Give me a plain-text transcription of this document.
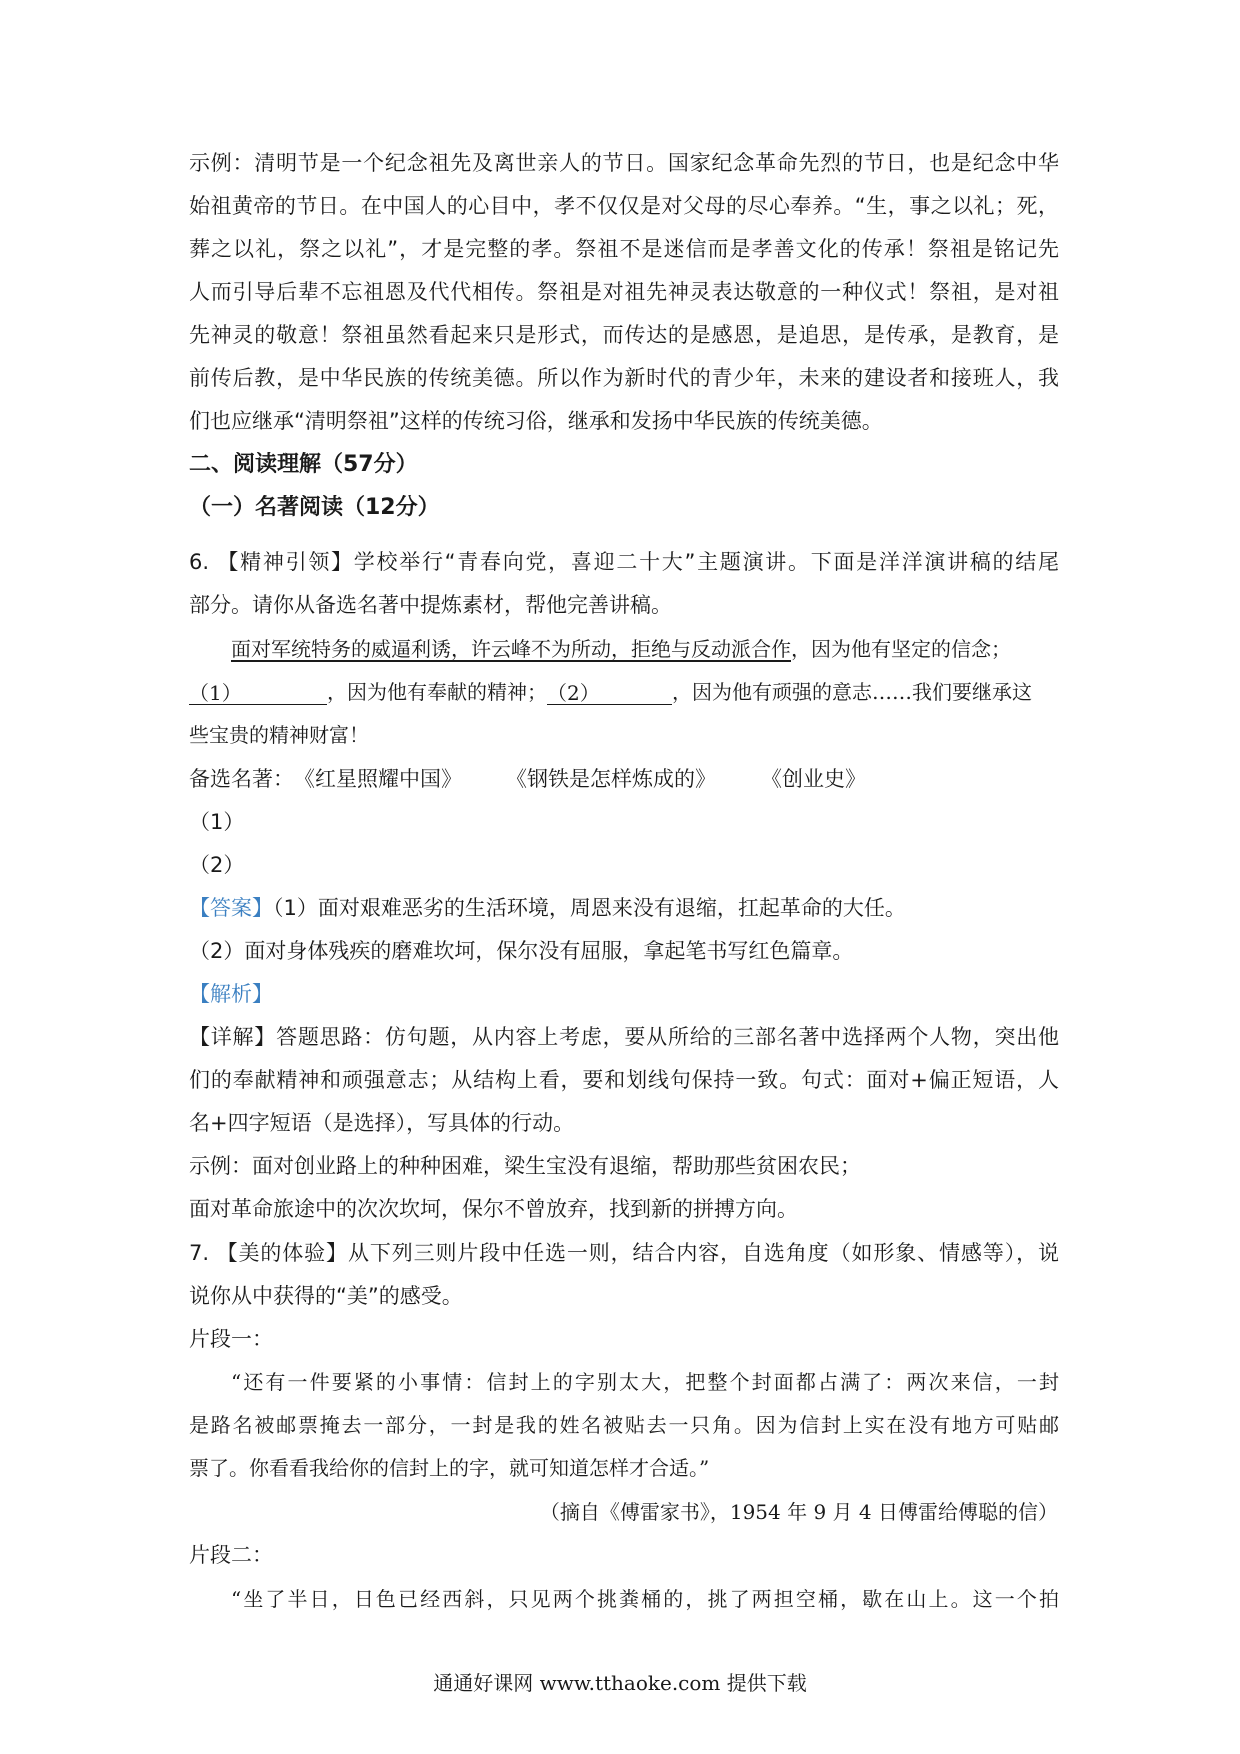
示例：清明节是一个纪念祖先及离世亲人的节日。国家纪念革命先烈的节日，也是纪念中华
始祖黄帝的节日。在中国人的心目中，孝不仅仅是对父母的尽心奉养。“生，事之以礼；死，
葬之以礼，祭之以礼”，才是完整的孝。祭祖不是迷信而是孝善文化的传承！祭祖是铭记先
人而引导后辈不忘祖恩及代代相传。祭祖是对祖先神灵表达敬意的一种仪式！祭祖，是对祖
先神灵的敬意！祭祖虽然看起来只是形式，而传达的是感恩，是追思，是传承，是教育，是
前传后教，是中华民族的传统美德。所以作为新时代的青少年，未来的建设者和接班人，我
们也应继承“清明祭祖”这样的传统习俗，继承和发扬中华民族的传统美德。
二、阅读理解（57分）
（一）名著阅读（12分）
6. 【精神引领】学校举行“青春向党，喜迎二十大”主题演讲。下面是洋洋演讲稿的结尾
部分。请你从备选名著中提炼素材，帮他完善讲稿。
面对军统特务的威逼利诱，许云峰不为所动，拒绝与反动派合作，因为他有坚定的信念；
（1）	，因为他有奉献的精神；（2）	，因为他有顽强的意志……我们要继承这
些宝贵的精神财富！
备选名著：《红星照耀中国》 《钢铁是怎样炼成的》 《创业史》
（1）
（2）
【答案】（1）面对艰难恶劣的生活环境，周恩来没有退缩，扛起革命的大任。
（2）面对身体残疾的磨难坎坷，保尔没有屈服，拿起笔书写红色篇章。
【解析】
【详解】答题思路：仿句题，从内容上考虑，要从所给的三部名著中选择两个人物，突出他
们的奉献精神和顽强意志；从结构上看，要和划线句保持一致。句式：面对+偏正短语，人
名+四字短语（是选择），写具体的行动。
示例：面对创业路上的种种困难，梁生宝没有退缩，帮助那些贫困农民；
面对革命旅途中的次次坎坷，保尔不曾放弃，找到新的拼搏方向。
7. 【美的体验】从下列三则片段中任选一则，结合内容，自选角度（如形象、情感等），说
说你从中获得的“美”的感受。
片段一：
“还有一件要紧的小事情：信封上的字别太大，把整个封面都占满了：两次来信，一封
是路名被邮票掩去一部分，一封是我的姓名被贴去一只角。因为信封上实在没有地方可贴邮
票了。你看看我给你的信封上的字，就可知道怎样才合适。”
（摘自《傅雷家书》，1954 年 9 月 4 日傅雷给傅聪的信）
片段二：
“坐了半日，日色已经西斜，只见两个挑粪桶的，挑了两担空桶，歇在山上。这一个拍
通通好课网 www.tthaoke.com 提供下载
